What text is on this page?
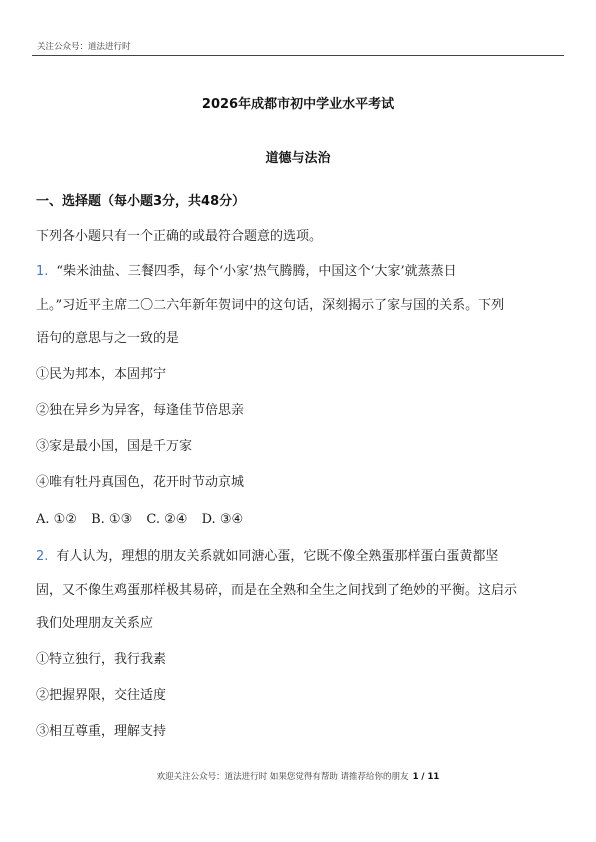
关注公众号：道法进行时
2026年成都市初中学业水平考试
道德与法治
一、选择题（每小题3分，共48分）
下列各小题只有一个正确的或最符合题意的选项。
1. “柴米油盐、三餐四季，每个‘小家’热气腾腾，中国这个‘大家’就蒸蒸日
上。”习近平主席二〇二六年新年贺词中的这句话，深刻揭示了家与国的关系。下列
语句的意思与之一致的是
①民为邦本，本固邦宁
②独在异乡为异客，每逢佳节倍思亲
③家是最小国，国是千万家
④唯有牡丹真国色，花开时节动京城
A. ①② B. ①③ C. ②④ D. ③④
2. 有人认为，理想的朋友关系就如同溏心蛋，它既不像全熟蛋那样蛋白蛋黄都坚
固，又不像生鸡蛋那样极其易碎，而是在全熟和全生之间找到了绝妙的平衡。这启示
我们处理朋友关系应
①特立独行，我行我素
②把握界限，交往适度
③相互尊重，理解支持
欢迎关注公众号：道法进行时 如果您觉得有帮助 请推荐给你的朋友 1 / 11
